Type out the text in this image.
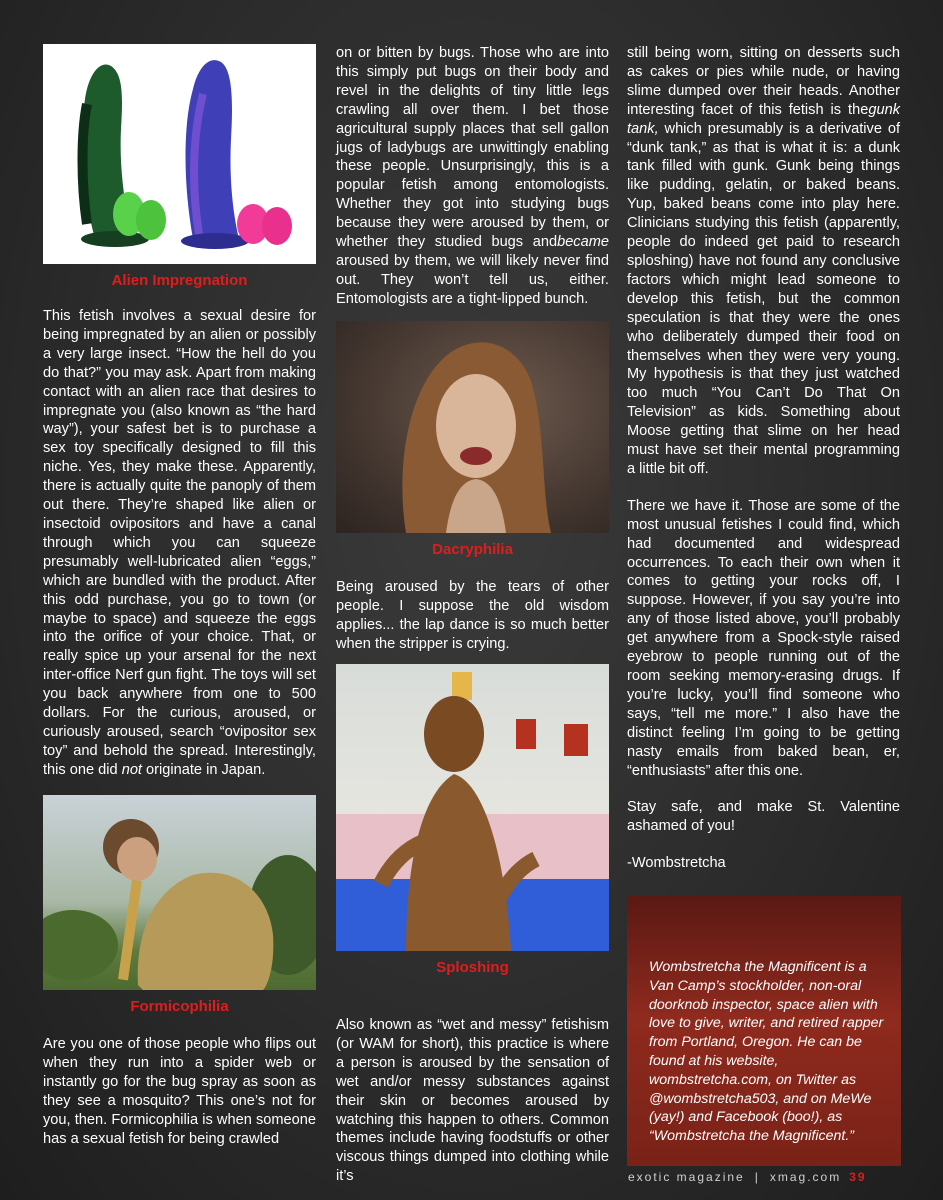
Alien Impregnation
Formicophilia
Dacryphilia
Sploshing

This fetish involves a sexual desire for being impregnated by an alien or possibly a very large insect. “How the hell do you do that?” you may ask. Apart from making contact with an alien race that desires to impregnate you (also known as “the hard way”), your safest bet is to purchase a sex toy specifically designed to fill this niche. Yes, they make these. Apparently, there is actually quite the panoply of them out there. They’re shaped like alien or insectoid ovipositors and have a canal through which you can squeeze presumably well-lubricated alien “eggs,” which are bundled with the product. After this odd purchase, you go to town (or maybe to space) and squeeze the eggs into the orifice of your choice. That, or really spice up your arsenal for the next inter-office Nerf gun fight. The toys will set you back anywhere from one to 500 dollars. For the curious, aroused, or curiously aroused, search “ovipositor sex toy” and behold the spread. Interestingly, this one did not originate in Japan.

Are you one of those people who flips out when they run into a spider web or instantly go for the bug spray as soon as they see a mosquito? This one’s not for you, then. Formicophilia is when someone has a sexual fetish for being crawled

on or bitten by bugs. Those who are into this simply put bugs on their body and revel in the delights of tiny little legs crawling all over them. I bet those agricultural supply places that sell gallon jugs of ladybugs are unwittingly enabling these people. Unsurprisingly, this is a popular fetish among entomologists. Whether they got into studying bugs because they were aroused by them, or whether they studied bugs andbecame aroused by them, we will likely never find out. They won’t tell us, either. Entomologists are a tight-lipped bunch.

Being aroused by the tears of other people. I suppose the old wisdom applies... the lap dance is so much better when the stripper is crying.

Also known as “wet and messy” fetishism (or WAM for short), this practice is where a person is aroused by the sensation of wet and/or messy substances against their skin or becomes aroused by watching this happen to others. Common themes include having foodstuffs or other viscous things dumped into clothing while it’s

still being worn, sitting on desserts such as cakes or pies while nude, or having slime dumped over their heads. Another interesting facet of this fetish is thegunk tank, which presumably is a derivative of “dunk tank,” as that is what it is: a dunk tank filled with gunk. Gunk being things like pudding, gelatin, or baked beans. Yup, baked beans come into play here. Clinicians studying this fetish (apparently, people do indeed get paid to research sploshing) have not found any conclusive factors which might lead someone to develop this fetish, but the common speculation is that they were the ones who deliberately dumped their food on themselves when they were very young. My hypothesis is that they just watched too much “You Can’t Do That On Television” as kids. Something about Moose getting that slime on her head must have set their mental programming a little bit off.

There we have it. Those are some of the most unusual fetishes I could find, which had documented and widespread occurrences. To each their own when it comes to getting your rocks off, I suppose. However, if you say you’re into any of those listed above, you’ll probably get anywhere from a Spock-style raised eyebrow to people running out of the room seeking memory-erasing drugs. If you’re lucky, you’ll find someone who says, “tell me more.” I also have the distinct feeling I’m going to be getting nasty emails from baked bean, er, “enthusiasts” after this one.

Stay safe, and make St. Valentine ashamed of you!

-Wombstretcha

Wombstretcha the Magnificent is a Van Camp’s stockholder, non-oral doorknob inspector, space alien with love to give, writer, and retired rapper from Portland, Oregon. He can be found at his website, wombstretcha.com, on Twitter as @wombstretcha503, and on MeWe (yay!) and Facebook (boo!), as “Wombstretcha the Magnificent.”
exotic magazine | xmag.com 39
